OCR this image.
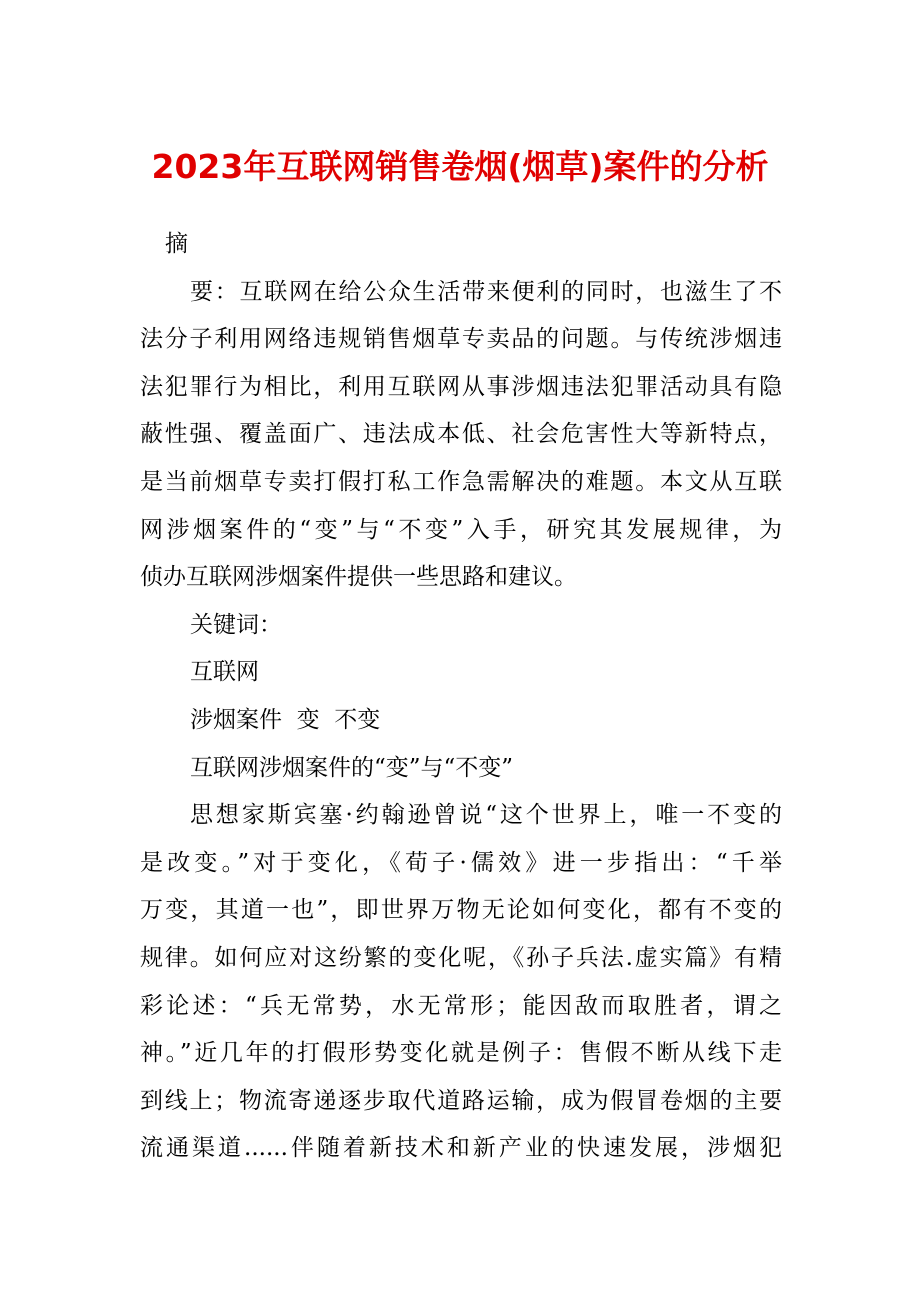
2023年互联网销售卷烟(烟草)案件的分析
摘
要：互联网在给公众生活带来便利的同时，也滋生了不
法分子利用网络违规销售烟草专卖品的问题。与传统涉烟违
法犯罪行为相比，利用互联网从事涉烟违法犯罪活动具有隐
蔽性强、覆盖面广、违法成本低、社会危害性大等新特点，
是当前烟草专卖打假打私工作急需解决的难题。本文从互联
网涉烟案件的“变”与“不变”入手，研究其发展规律，为
侦办互联网涉烟案件提供一些思路和建议。
关键词：
互联网
涉烟案件  变  不变
互联网涉烟案件的“变”与“不变”
思想家斯宾塞·约翰逊曾说“这个世界上，唯一不变的
是改变。”对于变化，《荀子·儒效》进一步指出：“千举
万变，其道一也”，即世界万物无论如何变化，都有不变的
规律。如何应对这纷繁的变化呢，《孙子兵法.虚实篇》有精
彩论述：“兵无常势，水无常形；能因敌而取胜者，谓之
神。”近几年的打假形势变化就是例子：售假不断从线下走
到线上；物流寄递逐步取代道路运输，成为假冒卷烟的主要
流通渠道......伴随着新技术和新产业的快速发展，涉烟犯
